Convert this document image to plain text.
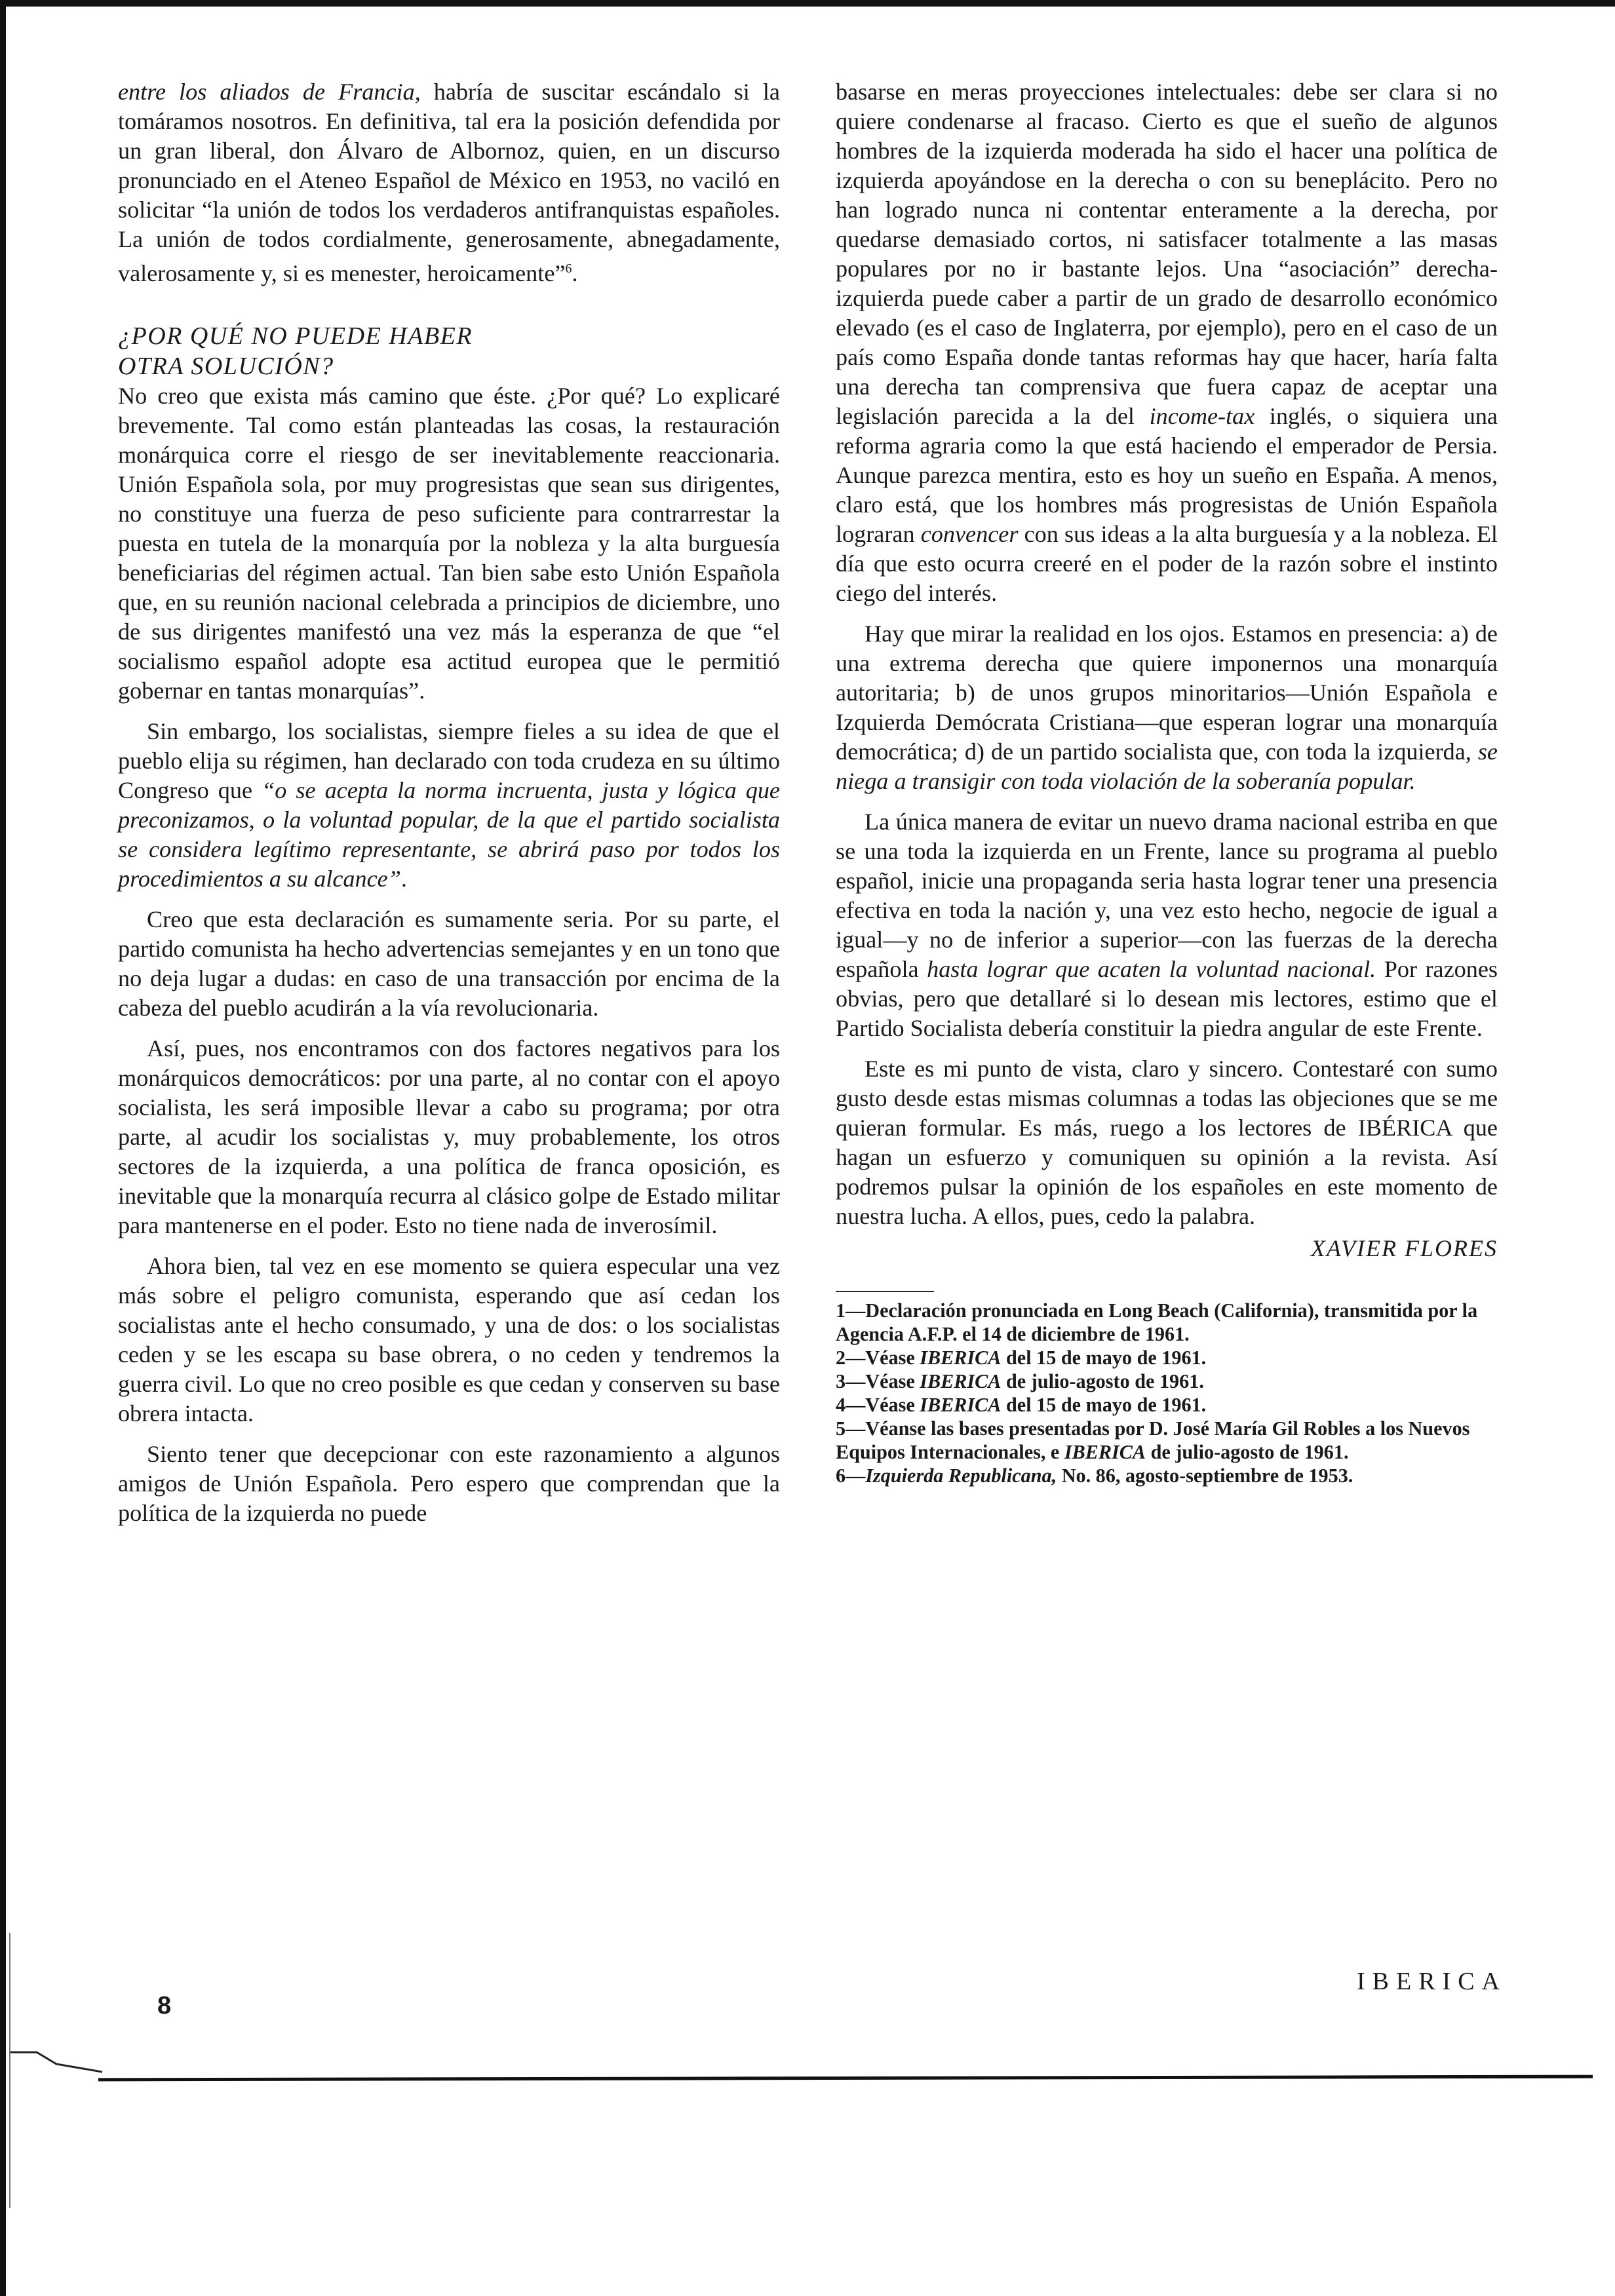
entre los aliados de Francia, habría de suscitar escándalo si la tomáramos nosotros. En definitiva, tal era la posición defendida por un gran liberal, don Álvaro de Albornoz, quien, en un discurso pronunciado en el Ateneo Español de México en 1953, no vaciló en solicitar “la unión de todos los verdaderos antifranquistas españoles. La unión de todos cordialmente, generosamente, abnegadamente, valerosamente y, si es menester, heroicamente”$^6$.

¿POR QUÉ NO PUEDE HABER
OTRA SOLUCIÓN?

No creo que exista más camino que éste. ¿Por qué? Lo explicaré brevemente. Tal como están planteadas las cosas, la restauración monárquica corre el riesgo de ser inevitablemente reaccionaria. Unión Española sola, por muy progresistas que sean sus dirigentes, no constituye una fuerza de peso suficiente para contrarrestar la puesta en tutela de la monarquía por la nobleza y la alta burguesía beneficiarias del régimen actual. Tan bien sabe esto Unión Española que, en su reunión nacional celebrada a principios de diciembre, uno de sus dirigentes manifestó una vez más la esperanza de que “el socialismo español adopte esa actitud europea que le permitió gobernar en tantas monarquías”.

Sin embargo, los socialistas, siempre fieles a su idea de que el pueblo elija su régimen, han declarado con toda crudeza en su último Congreso que “o se acepta la norma incruenta, justa y lógica que preconizamos, o la voluntad popular, de la que el partido socialista se considera legítimo representante, se abrirá paso por todos los procedimientos a su alcance”.

Creo que esta declaración es sumamente seria. Por su parte, el partido comunista ha hecho advertencias semejantes y en un tono que no deja lugar a dudas: en caso de una transacción por encima de la cabeza del pueblo acudirán a la vía revolucionaria.

Así, pues, nos encontramos con dos factores negativos para los monárquicos democráticos: por una parte, al no contar con el apoyo socialista, les será imposible llevar a cabo su programa; por otra parte, al acudir los socialistas y, muy probablemente, los otros sectores de la izquierda, a una política de franca oposición, es inevitable que la monarquía recurra al clásico golpe de Estado militar para mantenerse en el poder. Esto no tiene nada de inverosímil.

Ahora bien, tal vez en ese momento se quiera especular una vez más sobre el peligro comunista, esperando que así cedan los socialistas ante el hecho consumado, y una de dos: o los socialistas ceden y se les escapa su base obrera, o no ceden y tendremos la guerra civil. Lo que no creo posible es que cedan y conserven su base obrera intacta.

Siento tener que decepcionar con este razonamiento a algunos amigos de Unión Española. Pero espero que comprendan que la política de la izquierda no puede

basarse en meras proyecciones intelectuales: debe ser clara si no quiere condenarse al fracaso. Cierto es que el sueño de algunos hombres de la izquierda moderada ha sido el hacer una política de izquierda apoyándose en la derecha o con su beneplácito. Pero no han logrado nunca ni contentar enteramente a la derecha, por quedarse demasiado cortos, ni satisfacer totalmente a las masas populares por no ir bastante lejos. Una “asociación” derecha-izquierda puede caber a partir de un grado de desarrollo económico elevado (es el caso de Inglaterra, por ejemplo), pero en el caso de un país como España donde tantas reformas hay que hacer, haría falta una derecha tan comprensiva que fuera capaz de aceptar una legislación parecida a la del income-tax inglés, o siquiera una reforma agraria como la que está haciendo el emperador de Persia. Aunque parezca mentira, esto es hoy un sueño en España. A menos, claro está, que los hombres más progresistas de Unión Española lograran convencer con sus ideas a la alta burguesía y a la nobleza. El día que esto ocurra creeré en el poder de la razón sobre el instinto ciego del interés.

Hay que mirar la realidad en los ojos. Estamos en presencia: a) de una extrema derecha que quiere imponernos una monarquía autoritaria; b) de unos grupos minoritarios—Unión Española e Izquierda Demócrata Cristiana—que esperan lograr una monarquía democrática; d) de un partido socialista que, con toda la izquierda, se niega a transigir con toda violación de la soberanía popular.

La única manera de evitar un nuevo drama nacional estriba en que se una toda la izquierda en un Frente, lance su programa al pueblo español, inicie una propaganda seria hasta lograr tener una presencia efectiva en toda la nación y, una vez esto hecho, negocie de igual a igual—y no de inferior a superior—con las fuerzas de la derecha española hasta lograr que acaten la voluntad nacional. Por razones obvias, pero que detallaré si lo desean mis lectores, estimo que el Partido Socialista debería constituir la piedra angular de este Frente.

Este es mi punto de vista, claro y sincero. Contestaré con sumo gusto desde estas mismas columnas a todas las objeciones que se me quieran formular. Es más, ruego a los lectores de IBÉRICA que hagan un esfuerzo y comuniquen su opinión a la revista. Así podremos pulsar la opinión de los españoles en este momento de nuestra lucha. A ellos, pues, cedo la palabra.

XAVIER FLORES
1—Declaración pronunciada en Long Beach (California), transmitida por la Agencia A.F.P. el 14 de diciembre de 1961.
2—Véase IBERICA del 15 de mayo de 1961.
3—Véase IBERICA de julio-agosto de 1961.
4—Véase IBERICA del 15 de mayo de 1961.
5—Véanse las bases presentadas por D. José María Gil Robles a los Nuevos Equipos Internacionales, e IBERICA de julio-agosto de 1961.
6—Izquierda Republicana, No. 86, agosto-septiembre de 1953.
8
IBERICA
